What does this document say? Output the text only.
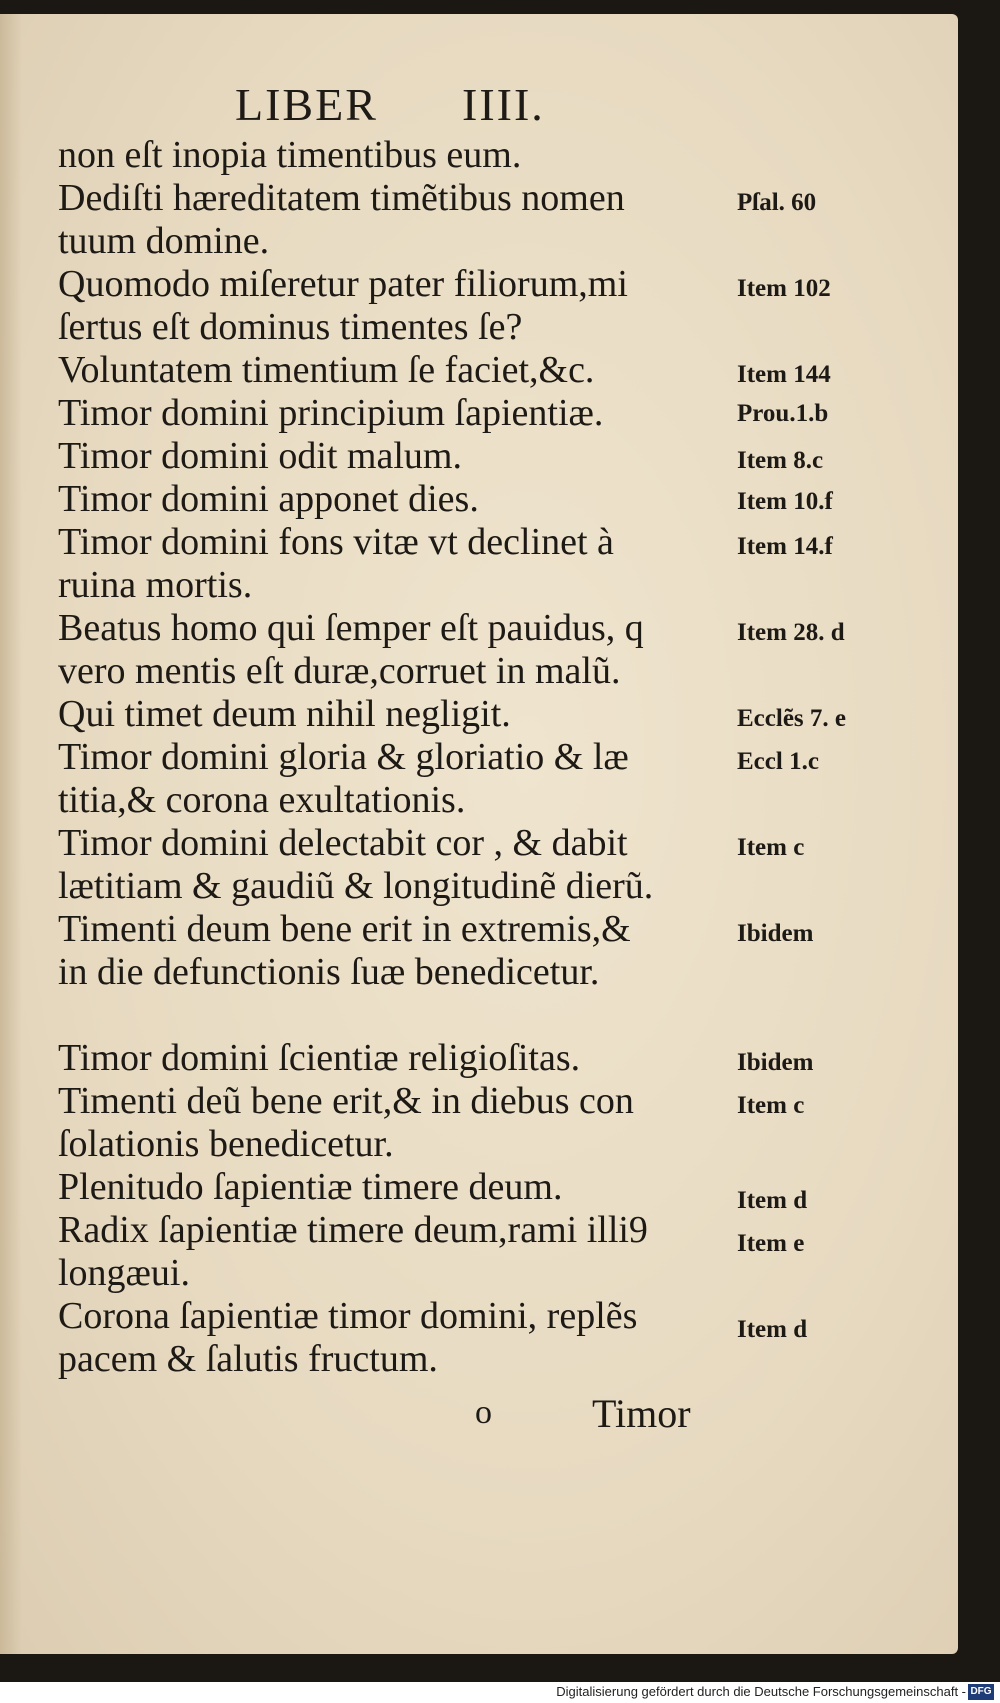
LIBER IIII.
non eſt inopia timentibus eum.
Dediſti hæreditatem timẽtibus nomen
tuum domine.
Quomodo miſeretur pater filiorum,mi
ſertus eſt dominus timentes ſe?
Voluntatem timentium ſe faciet,&c.
Timor domini principium ſapientiæ.
Timor domini odit malum.
Timor domini apponet dies.
Timor domini fons vitæ vt declinet à
ruina mortis.
Beatus homo qui ſemper eſt pauidus, q
vero mentis eſt duræ,corruet in malũ.
Qui timet deum nihil negligit.
Timor domini gloria & gloriatio & læ
titia,& corona exultationis.
Timor domini delectabit cor , & dabit
lætitiam & gaudiũ & longitudinẽ dierũ.
Timenti deum bene erit in extremis,&
in die defunctionis ſuæ benedicetur.
Timor domini ſcientiæ religioſitas.
Timenti deũ bene erit,& in diebus con
ſolationis benedicetur.
Plenitudo ſapientiæ timere deum.
Radix ſapientiæ timere deum,rami illi9
longæui.
Corona ſapientiæ timor domini, replẽs
pacem & ſalutis fructum.
Pſal. 60
Item 102
Item 144
Prou.1.b
Item 8.c
Item 10.f
Item 14.f
Item 28. d
Ecclẽs 7. e
Eccl 1.c
Item c
Ibidem
Ibidem
Item c
Item d
Item e
Item d
o	Timor
Digitalisierung gefördert durch die Deutsche Forschungsgemeinschaft - DFG
